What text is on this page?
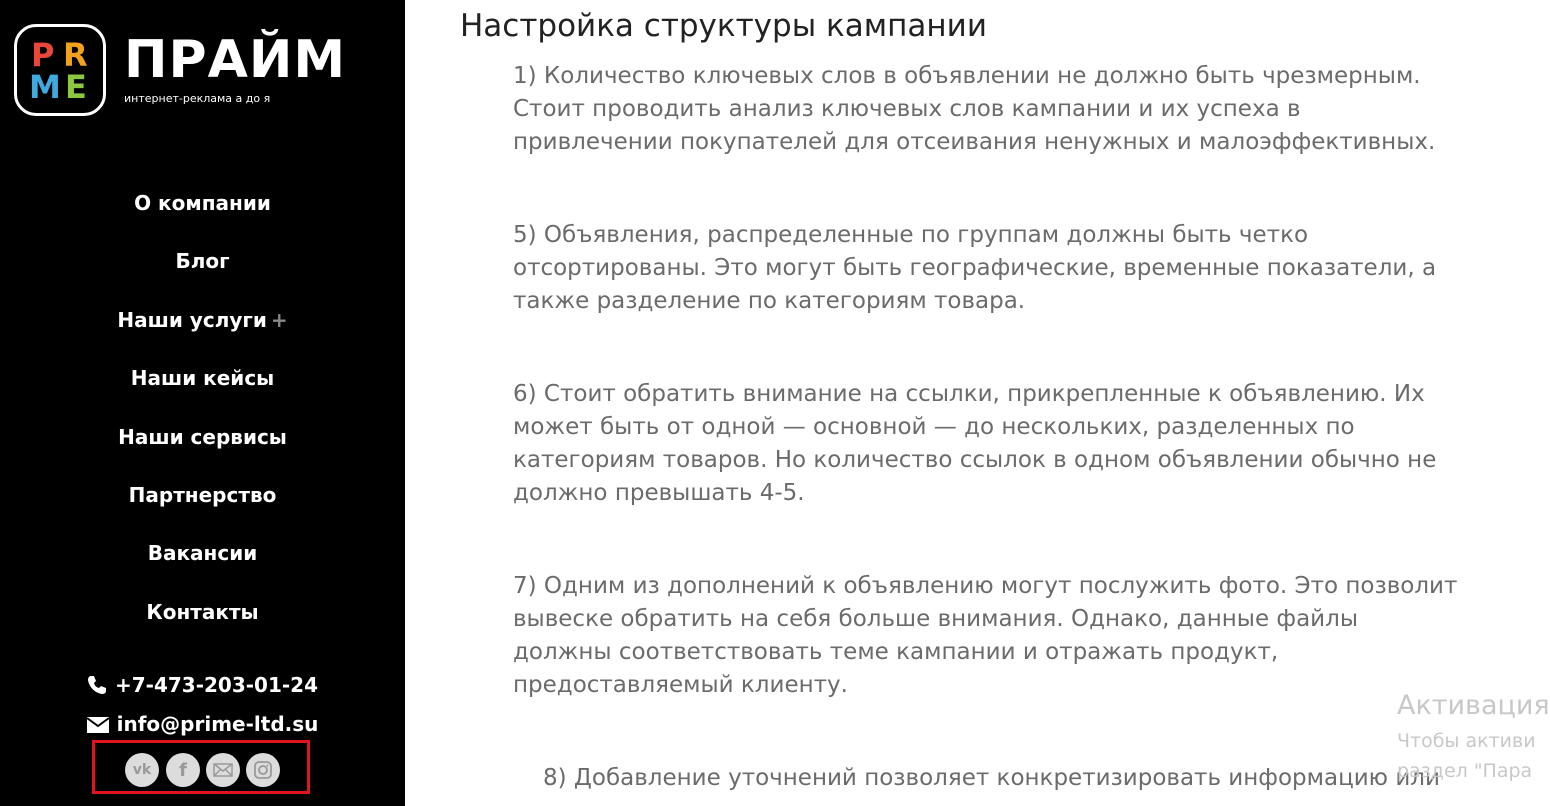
P R
M E ПРАЙМ
интернет-реклама а до я
О компании
Блог
Наши услуги +
Наши кейсы
Наши сервисы
Партнерство
Вакансии
Контакты
+7-473-203-01-24
info@prime-ltd.su
vk f
Настройка структуры кампании

1) Количество ключевых слов в объявлении не должно быть чрезмерным. Стоит проводить анализ ключевых слов кампании и их успеха в привлечении покупателей для отсеивания ненужных и малоэффективных.

5) Объявления, распределенные по группам должны быть четко отсортированы. Это могут быть географические, временные показатели, а также разделение по категориям товара.

6) Стоит обратить внимание на ссылки, прикрепленные к объявлению. Их может быть от одной — основной — до нескольких, разделенных по категориям товаров. Но количество ссылок в одном объявлении обычно не должно превышать 4-5.

7) Одним из дополнений к объявлению могут послужить фото. Это позволит вывеске обратить на себя больше внимания. Однако, данные файлы должны соответствовать теме кампании и отражать продукт, предоставляемый клиенту.

8) Добавление уточнений позволяет конкретизировать информацию или

Активация
Чтобы активи
раздел "Пара
